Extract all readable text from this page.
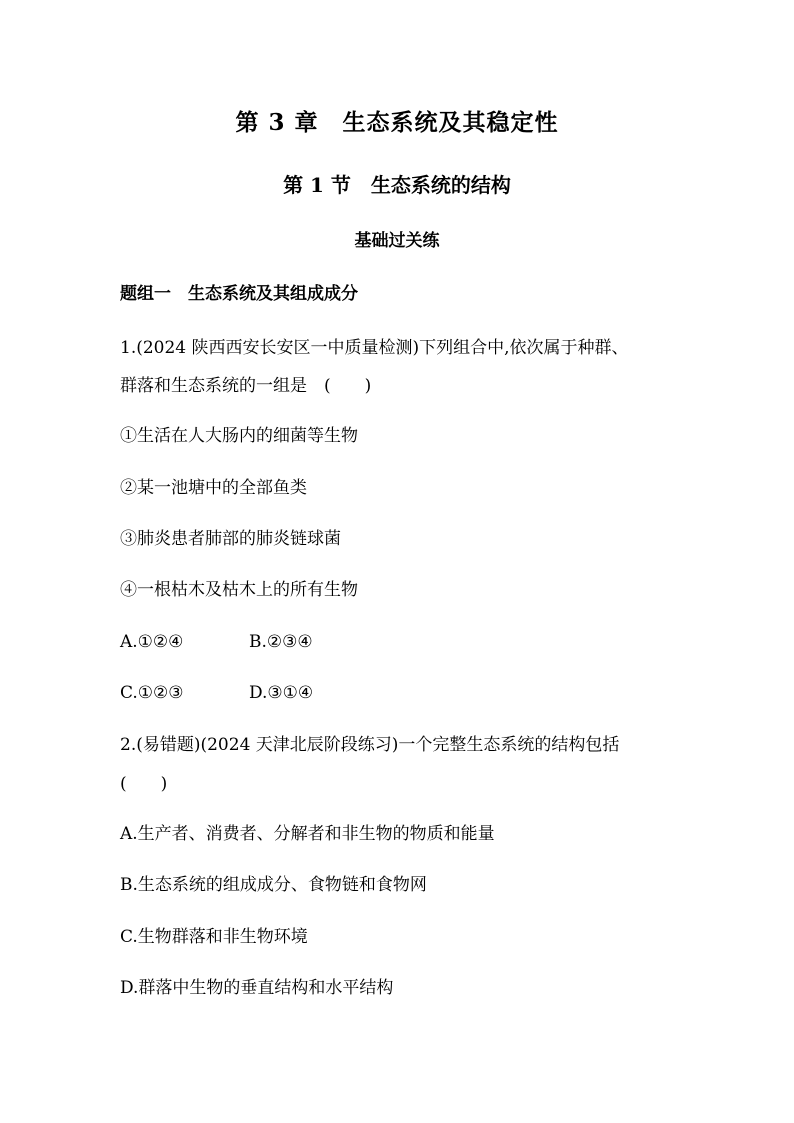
第 3 章　生态系统及其稳定性
第 1 节　生态系统的结构
基础过关练
题组一　生态系统及其组成成分
1.(2024 陕西西安长安区一中质量检测)下列组合中,依次属于种群、
群落和生态系统的一组是　(　　)
①生活在人大肠内的细菌等生物
②某一池塘中的全部鱼类
③肺炎患者肺部的肺炎链球菌
④一根枯木及枯木上的所有生物
A.①②④	B.②③④
C.①②③	D.③①④
2.(易错题)(2024 天津北辰阶段练习)一个完整生态系统的结构包括
(　　)
A.生产者、消费者、分解者和非生物的物质和能量
B.生态系统的组成成分、食物链和食物网
C.生物群落和非生物环境
D.群落中生物的垂直结构和水平结构
